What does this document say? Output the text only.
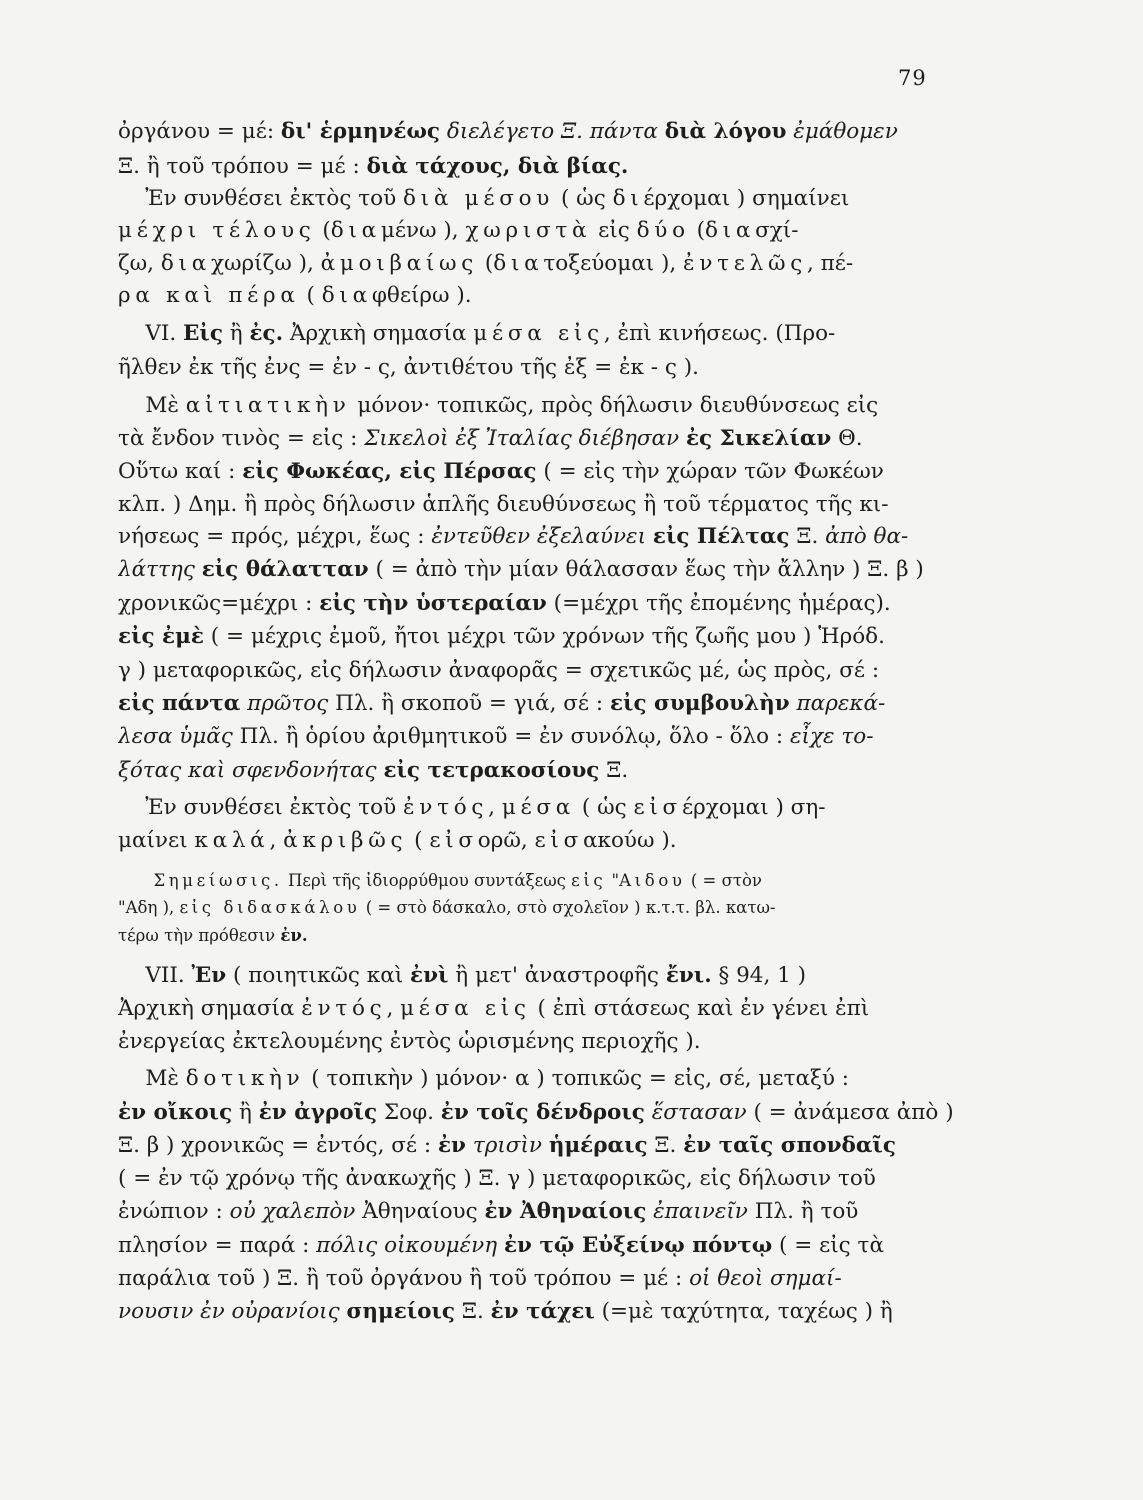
79
ὀργάνου = μέ: δι' ἑρμηνέως διελέγετο Ξ. πάντα διὰ λόγου ἐμάθομεν
Ξ. ἢ τοῦ τρόπου = μέ : διὰ τάχους, διὰ βίας.
Ἐν συνθέσει ἐκτὸς τοῦ διὰ μέσου ( ὡς διέρχομαι ) σημαίνει
μέχρι τέλους (διαμένω ), χωριστὰ εἰς δύο (διασχί-
ζω, διαχωρίζω ), ἀμοιβαίως (διατοξεύομαι ), ἐντελῶς, πέ-
ρα καὶ πέρα ( διαφθείρω ).
VI. Εἰς ἢ ἐς. Ἀρχικὴ σημασία μέσα εἰς, ἐπὶ κινήσεως. (Προ-
ῆλθεν ἐκ τῆς ἐνς = ἐν - ς, ἀντιθέτου τῆς ἐξ = ἐκ - ς ).
Μὲ αἰτιατικὴν μόνον· τοπικῶς, πρὸς δήλωσιν διευθύνσεως εἰς
τὰ ἔνδον τινὸς = εἰς : Σικελοὶ ἐξ Ἰταλίας διέβησαν ἐς Σικελίαν Θ.
Οὕτω καί : εἰς Φωκέας, εἰς Πέρσας ( = εἰς τὴν χώραν τῶν Φωκέων
κλπ. ) Δημ. ἢ πρὸς δήλωσιν ἁπλῆς διευθύνσεως ἢ τοῦ τέρματος τῆς κι-
νήσεως = πρός, μέχρι, ἕως : ἐντεῦθεν ἐξελαύνει εἰς Πέλτας Ξ. ἀπὸ θα-
λάττης εἰς θάλατταν ( = ἀπὸ τὴν μίαν θάλασσαν ἕως τὴν ἄλλην ) Ξ. β )
χρονικῶς=μέχρι : εἰς τὴν ὑστεραίαν (=μέχρι τῆς ἐπομένης ἡμέρας).
εἰς ἐμὲ ( = μέχρις ἐμοῦ, ἤτοι μέχρι τῶν χρόνων τῆς ζωῆς μου ) Ἡρόδ.
γ ) μεταφορικῶς, εἰς δήλωσιν ἀναφορᾶς = σχετικῶς μέ, ὡς πρὸς, σέ :
εἰς πάντα πρῶτος Πλ. ἢ σκοποῦ = γιά, σέ : εἰς συμβουλὴν παρεκά-
λεσα ὑμᾶς Πλ. ἢ ὁρίου ἀριθμητικοῦ = ἐν συνόλῳ, ὅλο - ὅλο : εἶχε το-
ξότας καὶ σφενδονήτας εἰς τετρακοσίους Ξ.
Ἐν συνθέσει ἐκτὸς τοῦ ἐντός, μέσα ( ὡς εἰσέρχομαι ) ση-
μαίνει καλά, ἀκριβῶς ( εἰσορῶ, εἰσακούω ).
Σημείωσις. Περὶ τῆς ἰδιορρύθμου συντάξεως εἰς "Αιδου ( = στὸν
"Αδη ), εἰς διδασκάλου ( = στὸ δάσκαλο, στὸ σχολεῖον ) κ.τ.τ. βλ. κατω-
τέρω τὴν πρόθεσιν ἐν.
VII. Ἐν ( ποιητικῶς καὶ ἐνὶ ἢ μετ' ἀναστροφῆς ἔνι. § 94, 1 )
Ἀρχικὴ σημασία ἐντός, μέσα εἰς ( ἐπὶ στάσεως καὶ ἐν γένει ἐπὶ
ἐνεργείας ἐκτελουμένης ἐντὸς ὡρισμένης περιοχῆς ).
Μὲ δοτικὴν ( τοπικὴν ) μόνον· α ) τοπικῶς = εἰς, σέ, μεταξύ :
ἐν οἴκοις ἢ ἐν ἀγροῖς Σοφ. ἐν τοῖς δένδροις ἕστασαν ( = ἀνάμεσα ἀπὸ )
Ξ. β ) χρονικῶς = ἐντός, σέ : ἐν τρισὶν ἡμέραις Ξ. ἐν ταῖς σπονδαῖς
( = ἐν τῷ χρόνῳ τῆς ἀνακωχῆς ) Ξ. γ ) μεταφορικῶς, εἰς δήλωσιν τοῦ
ἐνώπιον : οὐ χαλεπὸν Ἀθηναίους ἐν Ἀθηναίοις ἐπαινεῖν Πλ. ἢ τοῦ
πλησίον = παρά : πόλις οἰκουμένη ἐν τῷ Εὐξείνῳ πόντῳ ( = εἰς τὰ
παράλια τοῦ ) Ξ. ἢ τοῦ ὀργάνου ἢ τοῦ τρόπου = μέ : οἱ θεοὶ σημαί-
νουσιν ἐν οὐρανίοις σημείοις Ξ. ἐν τάχει (=μὲ ταχύτητα, ταχέως ) ἢ
